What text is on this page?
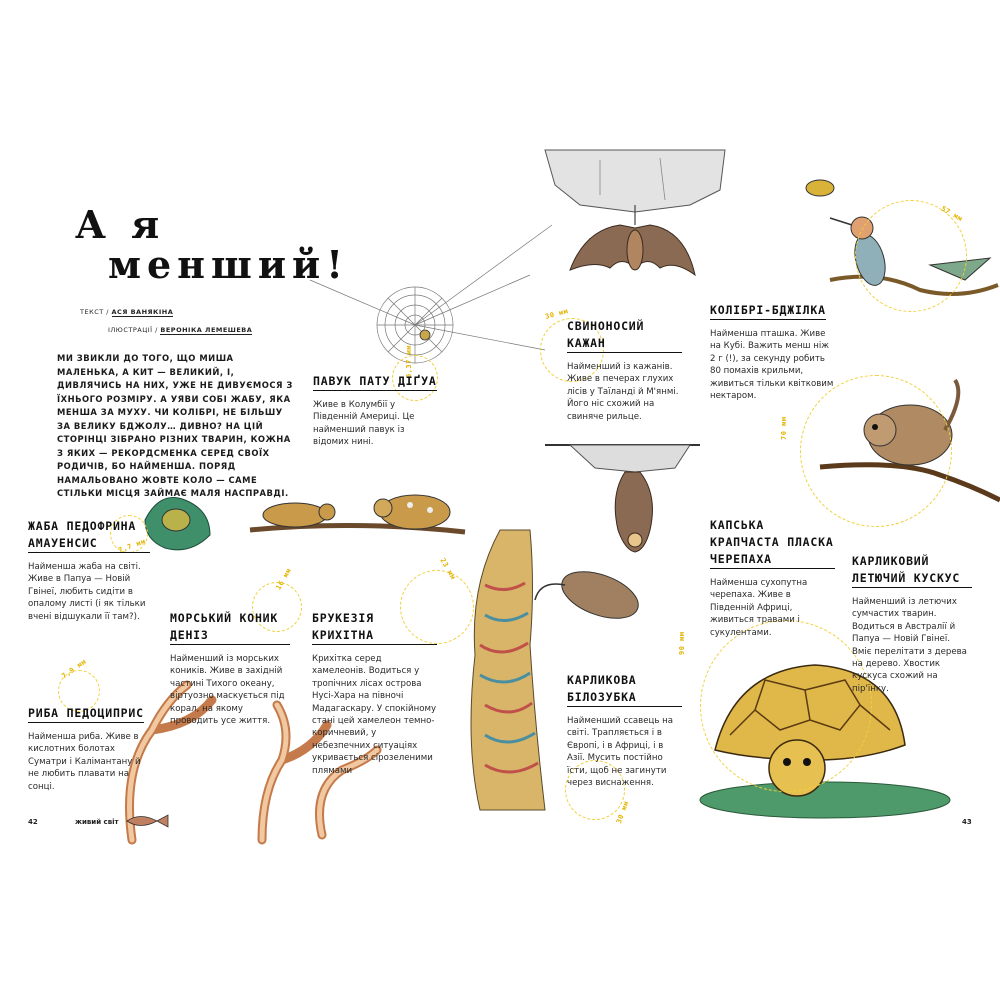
А я
менший!
ТЕКСТ / АСЯ ВАНЯКІНА
ІЛЮСТРАЦІЇ / ВЕРОНІКА ЛЕМЕШЕВА
МИ ЗВИКЛИ ДО ТОГО, ЩО МИША МАЛЕНЬКА, А КИТ — ВЕЛИКИЙ, І, ДИВЛЯЧИСЬ НА НИХ, УЖЕ НЕ ДИВУЄМОСЯ З ЇХНЬОГО РОЗМІРУ. А УЯВИ СОБІ ЖАБУ, ЯКА МЕНША ЗА МУХУ. ЧИ КОЛІБРІ, НЕ БІЛЬШУ ЗА ВЕЛИКУ БДЖОЛУ… ДИВНО? НА ЦІЙ СТОРІНЦІ ЗІБРАНО РІЗНИХ ТВАРИН, КОЖНА З ЯКИХ — РЕКОРДСМЕНКА СЕРЕД СВОЇХ РОДИЧІВ, БО НАЙМЕНША. ПОРЯД НАМАЛЬОВАНО ЖОВТЕ КОЛО — САМЕ СТІЛЬКИ МІСЦЯ ЗАЙМАЄ МАЛЯ НАСПРАВДІ.
0,37 мм
7,7 мм
16 мм	23 мм
7,9 мм
30 мм
30 мм
57 мм
90 мм
70 мм
ПАВУК ПАТУ ДІҐУА
Живе в Колумбії у Південній Америці. Це найменший павук із відомих нині.
ЖАБА ПЕДОФРИНА АМАУЕНСИС
Найменша жаба на світі. Живе в Папуа — Новій Гвінеї, любить сидіти в опалому листі (і як тільки вчені відшукали її там?).	МОРСЬКИЙ КОНИК ДЕНІЗ
Найменший із морських коників. Живе в західній частині Тихого океану, віртуозно маскується під корал, на якому проводить усе життя.
БРУКЕЗІЯ КРИХІТНА
Крихітка серед хамелеонів. Водиться у тропічних лісах острова Нусі-Хара на півночі Мадагаскару. У спокійному стані цей хамелеон темно-коричневий, у небезпечних ситуаціях укривається сірозеленими плямами
РИБА ПЕДОЦИПРИС
Найменша риба. Живе в кислотних болотах Суматри і Калімантану й не любить плавати на сонці.
СВИНОНОСИЙ КАЖАН
Найменший із кажанів. Живе в печерах глухих лісів у Таїланді й М'янмі. Його ніс схожий на свиняче рильце.
КАРЛИКОВА БІЛОЗУБКА
Найменший ссавець на світі. Трапляється і в Європі, і в Африці, і в Азії. Мусить постійно їсти, щоб не загинути через виснаження.
КОЛІБРІ-БДЖІЛКА
Найменша пташка. Живе на Кубі. Важить менш ніж 2 г (!), за секунду робить 80 помахів крильми, живиться тільки квітковим нектаром.
КАПСЬКА КРАПЧАСТА ПЛАСКА ЧЕРЕПАХА
Найменша сухопутна черепаха. Живе в Південній Африці, живиться травами і сукулентами.
КАРЛИКОВИЙ ЛЕТЮЧИЙ КУСКУС
Найменший із летючих сумчастих тварин. Водиться в Австралії й Папуа — Новій Гвінеї. Вміє перелітати з дерева на дерево. Хвостик кускуса схожий на пір'їнку.
42	живий світ	43
